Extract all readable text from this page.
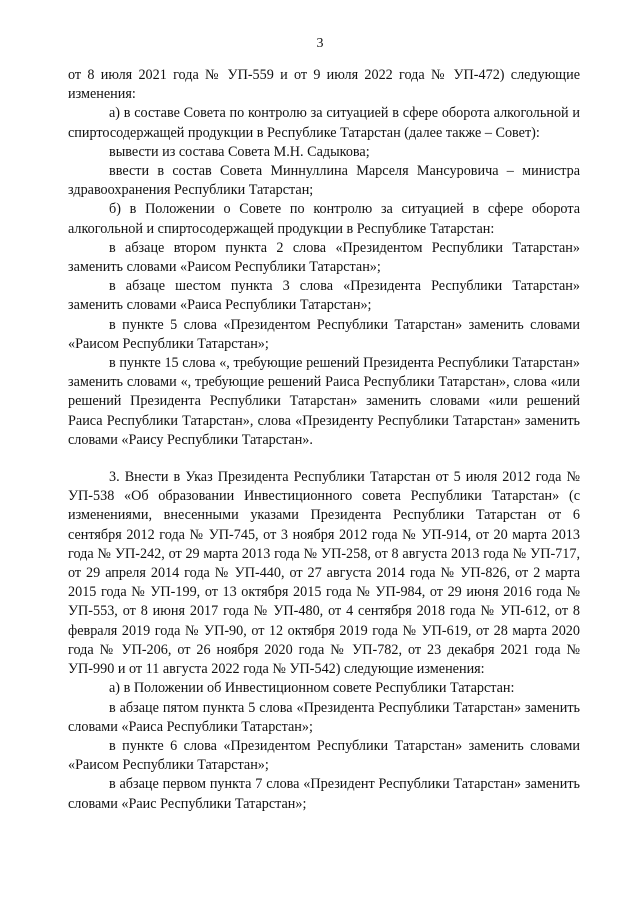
3

от 8 июля 2021 года № УП-559 и от 9 июля 2022 года № УП-472) следующие изменения:

а) в составе Совета по контролю за ситуацией в сфере оборота алкогольной и спиртосодержащей продукции в Республике Татарстан (далее также – Совет):

вывести из состава Совета М.Н. Садыкова;

ввести в состав Совета Миннуллина Марселя Мансуровича – министра здравоохранения Республики Татарстан;

б) в Положении о Совете по контролю за ситуацией в сфере оборота алкогольной и спиртосодержащей продукции в Республике Татарстан:

в абзаце втором пункта 2 слова «Президентом Республики Татарстан» заменить словами «Раисом Республики Татарстан»;

в абзаце шестом пункта 3 слова «Президента Республики Татарстан» заменить словами «Раиса Республики Татарстан»;

в пункте 5 слова «Президентом Республики Татарстан» заменить словами «Раисом Республики Татарстан»;

в пункте 15 слова «, требующие решений Президента Республики Татарстан» заменить словами «, требующие решений Раиса Республики Татарстан», слова «или решений Президента Республики Татарстан» заменить словами «или решений Раиса Республики Татарстан», слова «Президенту Республики Татарстан» заменить словами «Раису Республики Татарстан».

3. Внести в Указ Президента Республики Татарстан от 5 июля 2012 года № УП-538 «Об образовании Инвестиционного совета Республики Татарстан» (с изменениями, внесенными указами Президента Республики Татарстан от 6 сентября 2012 года № УП-745, от 3 ноября 2012 года № УП-914, от 20 марта 2013 года № УП-242, от 29 марта 2013 года № УП-258, от 8 августа 2013 года № УП-717, от 29 апреля 2014 года № УП-440, от 27 августа 2014 года № УП-826, от 2 марта 2015 года № УП-199, от 13 октября 2015 года № УП-984, от 29 июня 2016 года № УП-553, от 8 июня 2017 года № УП-480, от 4 сентября 2018 года № УП-612, от 8 февраля 2019 года № УП-90, от 12 октября 2019 года № УП-619, от 28 марта 2020 года № УП-206, от 26 ноября 2020 года № УП-782, от 23 декабря 2021 года № УП-990 и от 11 августа 2022 года № УП-542) следующие изменения:

а) в Положении об Инвестиционном совете Республики Татарстан:

в абзаце пятом пункта 5 слова «Президента Республики Татарстан» заменить словами «Раиса Республики Татарстан»;

в пункте 6 слова «Президентом Республики Татарстан» заменить словами «Раисом Республики Татарстан»;

в абзаце первом пункта 7 слова «Президент Республики Татарстан» заменить словами «Раис Республики Татарстан»;
